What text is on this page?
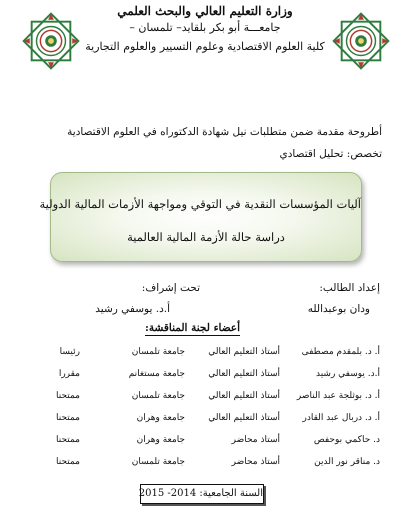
وزارة التعليم العالي والبحث العلمي
جامعـــة أبو بكر بلقايد– تلمسان –
كلية العلوم الاقتصادية وعلوم التسيير والعلوم التجارية
أطروحة مقدمة ضمن متطلبات نيل شهادة الدكتوراه في العلوم الاقتصادية
تخصص: تحليل اقتصادي
آليات المؤسسات النقدية في التوقي ومواجهة الأزمات المالية الدولية
دراسة حالة الأزمة المالية العالمية
إعداد الطالب:
ودان بوعبدالله
تحت إشراف:
أ.د. يوسفي رشيد
أعضاء لجنة المناقشة:
أ. د. بلمقدم مصطفى
أستاذ التعليم العالي
جامعة تلمسان
رئيسا
أ.د. يوسفي رشيد
أستاذ التعليم العالي
جامعة مستغانم
مقررا
أ. د. بوثلجة عبد الناصر
أستاذ التعليم العالي
جامعة تلمسان
ممتحنا
أ. د. دربال عبد القادر
أستاذ التعليم العالي
جامعة وهران
ممتحنا
د. حاكمي بوحفص
أستاذ محاضر
جامعة وهران
ممتحنا
د. مناقر نور الدين
أستاذ محاضر
جامعة تلمسان
ممتحنا
السنة الجامعية: 2014- 2015
